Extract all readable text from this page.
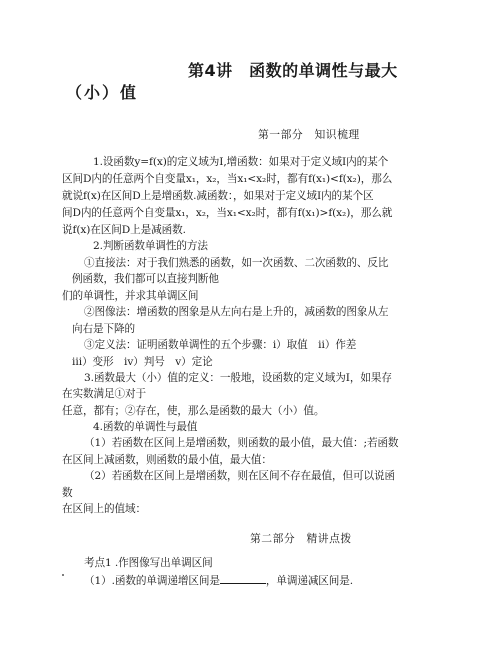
第4讲　函数的单调性与最大
（小）值
第一部分　知识梳理
1.设函数y=f(x)的定义域为I,增函数：如果对于定义域I内的某个
区间D内的任意两个自变量x₁，x₂，当x₁<x₂时，都有f(x₁)<f(x₂)，那么
就说f(x)在区间D上是增函数.减函数：，如果对于定义域I内的某个区
间D内的任意两个自变量x₁，x₂，当x₁<x₂时，都有f(x₁)>f(x₂)，那么就
说f(x)在区间D上是减函数.
2.判断函数单调性的方法
①直接法：对于我们熟悉的函数，如一次函数、二次函数的、反比
例函数，我们都可以直接判断他
们的单调性，并求其单调区间
②图像法：增函数的图象是从左向右是上升的，减函数的图象从左
向右是下降的
③定义法：证明函数单调性的五个步骤：ⅰ）取值　ⅱ）作差
ⅲ）变形　ⅳ）判号　ⅴ）定论
3.函数最大（小）值的定义：一般地，设函数的定义域为I，如果存
在实数满足①对于
任意，都有；②存在，使，那么是函数的最大（小）值。
4.函数的单调性与最值
（1）若函数在区间上是增函数，则函数的最小值，最大值：;若函数
在区间上减函数，则函数的最小值，最大值：
（2）若函数在区间上是增函数，则在区间不存在最值，但可以说函
数
在区间上的值域：
第二部分　精讲点拨
考点1 .作图像写出单调区间
（1）.函数的单调递增区间是	，单调递减区间是.
